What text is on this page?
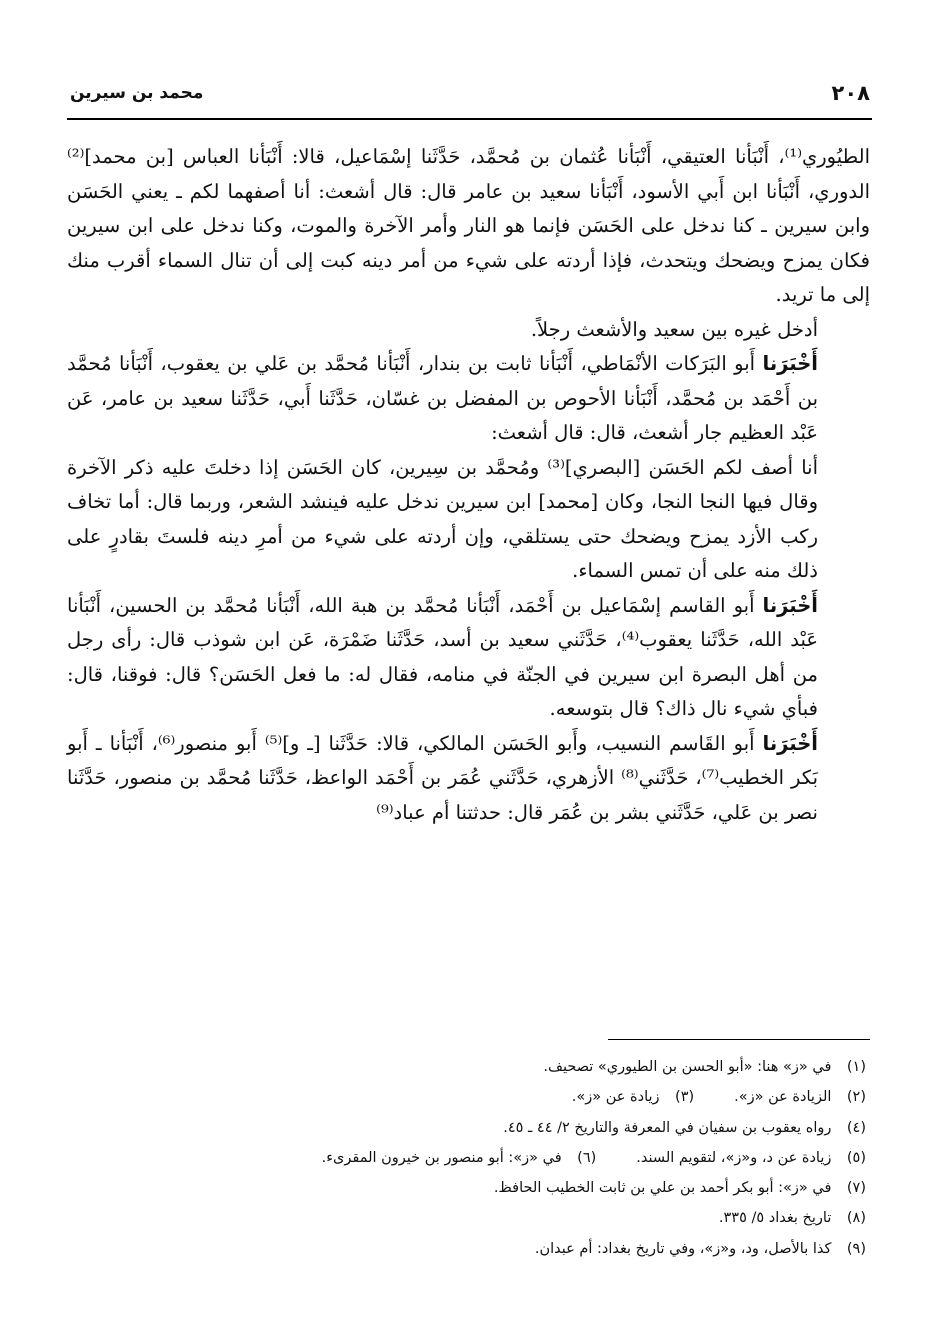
٢٠٨
محمد بن سيرين

الطيُوري⁽¹⁾، أَنْبَأنا العتيقي، أَنْبَأنا عُثمان بن مُحمَّد، حَدَّثَنا إسْمَاعيل، قالا: أَنْبَأنا العباس [بن محمد]⁽²⁾ الدوري، أَنْبَأنا ابن أَبي الأسود، أَنْبَأنا سعيد بن عامر قال: قال أشعث: أنا أصفهما لكم ـ يعني الحَسَن وابن سيرين ـ كنا ندخل على الحَسَن فإنما هو النار وأمر الآخرة والموت، وكنا ندخل على ابن سيرين فكان يمزح ويضحك ويتحدث، فإذا أردته على شيء من أمر دينه كبت إلى أن تنال السماء أقرب منك إلى ما تريد.

أدخل غيره بين سعيد والأشعث رجلاً.

أَخْبَرَنا أَبو البَرَكات الأنْمَاطي، أَنْبَأنا ثابت بن بندار، أَنْبَأنا مُحمَّد بن عَلي بن يعقوب، أَنْبَأنا مُحمَّد بن أَحْمَد بن مُحمَّد، أَنْبَأنا الأحوص بن المفضل بن غسّان، حَدَّثَنا أَبي، حَدَّثَنا سعيد بن عامر، عَن عَبْد العظيم جار أشعث، قال: قال أشعث:

أنا أصف لكم الحَسَن [البصري]⁽³⁾ ومُحمَّد بن سِيرين، كان الحَسَن إذا دخلتَ عليه ذكر الآخرة وقال فيها النجا النجا، وكان [محمد] ابن سيرين ندخل عليه فينشد الشعر، وربما قال: أما تخاف ركب الأزد يمزح ويضحك حتى يستلقي، وإن أردته على شيء من أمرِ دينه فلستَ بقادرٍ على ذلك منه على أن تمس السماء.

أَخْبَرَنا أَبو القاسم إسْمَاعيل بن أَحْمَد، أَنْبَأنا مُحمَّد بن هبة الله، أَنْبَأنا مُحمَّد بن الحسين، أَنْبَأنا عَبْد الله، حَدَّثَنا يعقوب⁽⁴⁾، حَدَّثَني سعيد بن أسد، حَدَّثَنا ضَمْرَة، عَن ابن شوذب قال: رأى رجل من أهل البصرة ابن سيرين في الجنّة في منامه، فقال له: ما فعل الحَسَن؟ قال: فوقنا، قال: فبأي شيء نال ذاك؟ قال بتوسعه.

أَخْبَرَنا أَبو القَاسم النسيب، وأَبو الحَسَن المالكي، قالا: حَدَّثَنا [ـ و]⁽⁵⁾ أَبو منصور⁽⁶⁾، أَنْبَأنا ـ أَبو بَكر الخطيب⁽⁷⁾، حَدَّثَني⁽⁸⁾ الأزهري، حَدَّثَني عُمَر بن أَحْمَد الواعظ، حَدَّثَنا مُحمَّد بن منصور، حَدَّثَنا نصر بن عَلي، حَدَّثَني بشر بن عُمَر قال: حدثتنا أم عباد⁽⁹⁾

(١) في «ز» هنا: «أبو الحسن بن الطيوري» تصحيف.
(٢) الزيادة عن «ز».
(٣) زيادة عن «ز».
(٤) رواه يعقوب بن سفيان في المعرفة والتاريخ ٢/ ٤٤ ـ ٤٥.
(٥) زيادة عن د، و«ز»، لتقويم السند.
(٦) في «ز»: أبو منصور بن خيرون المقرىء.
(٧) في «ز»: أبو بكر أحمد بن علي بن ثابت الخطيب الحافظ.
(٨) تاريخ بغداد ٥/ ٣٣٥.
(٩) كذا بالأصل، ود، و«ز»، وفي تاريخ بغداد: أم عبدان.
